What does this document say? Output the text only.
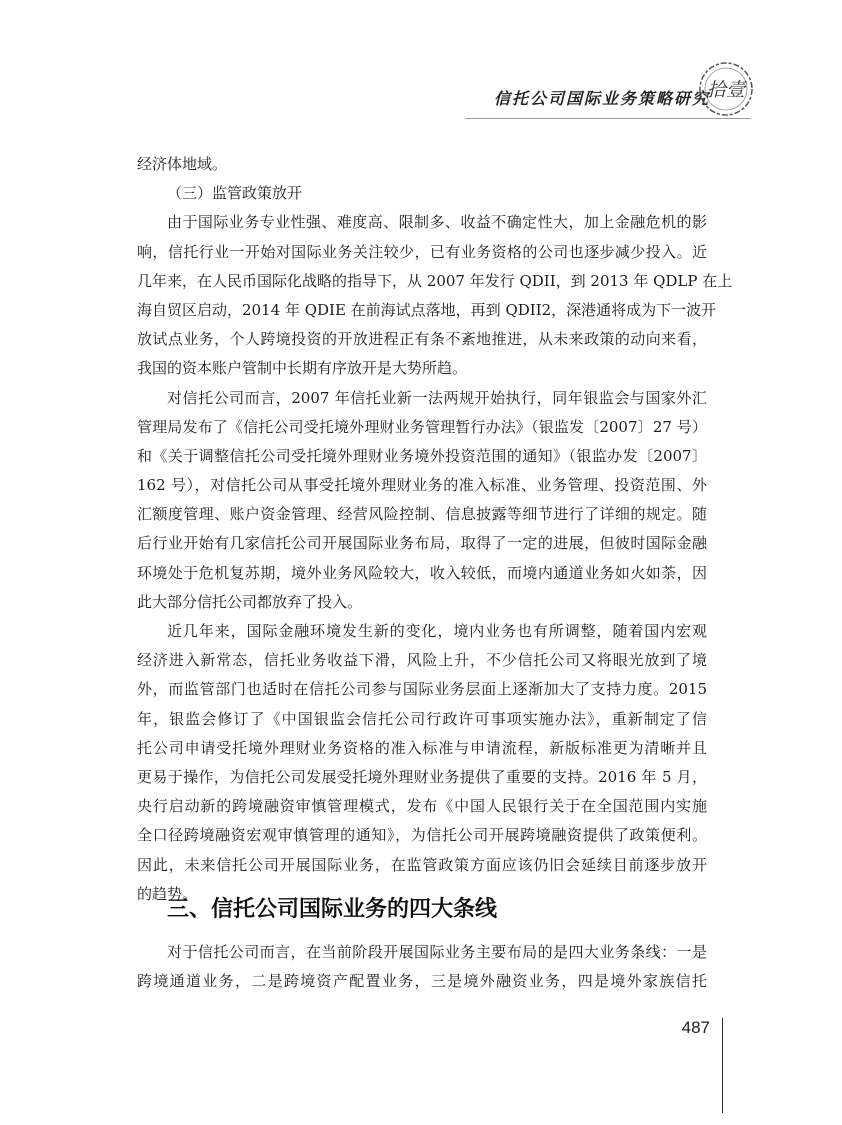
信托公司国际业务策略研究
拾壹
经济体地域。
（三）监管政策放开
由于国际业务专业性强、难度高、限制多、收益不确定性大，加上金融危机的影
响，信托行业一开始对国际业务关注较少，已有业务资格的公司也逐步减少投入。近
几年来，在人民币国际化战略的指导下，从 2007 年发行 QDII，到 2013 年 QDLP 在上
海自贸区启动，2014 年 QDIE 在前海试点落地，再到 QDII2，深港通将成为下一波开
放试点业务，个人跨境投资的开放进程正有条不紊地推进，从未来政策的动向来看，
我国的资本账户管制中长期有序放开是大势所趋。
对信托公司而言，2007 年信托业新一法两规开始执行，同年银监会与国家外汇
管理局发布了《信托公司受托境外理财业务管理暂行办法》（银监发〔2007〕27 号）
和《关于调整信托公司受托境外理财业务境外投资范围的通知》（银监办发〔2007〕
162 号），对信托公司从事受托境外理财业务的准入标准、业务管理、投资范围、外
汇额度管理、账户资金管理、经营风险控制、信息披露等细节进行了详细的规定。随
后行业开始有几家信托公司开展国际业务布局，取得了一定的进展，但彼时国际金融
环境处于危机复苏期，境外业务风险较大，收入较低，而境内通道业务如火如荼，因
此大部分信托公司都放弃了投入。
近几年来，国际金融环境发生新的变化，境内业务也有所调整，随着国内宏观
经济进入新常态，信托业务收益下滑，风险上升，不少信托公司又将眼光放到了境
外，而监管部门也适时在信托公司参与国际业务层面上逐渐加大了支持力度。2015
年，银监会修订了《中国银监会信托公司行政许可事项实施办法》，重新制定了信
托公司申请受托境外理财业务资格的准入标准与申请流程，新版标准更为清晰并且
更易于操作，为信托公司发展受托境外理财业务提供了重要的支持。2016 年 5 月，
央行启动新的跨境融资审慎管理模式，发布《中国人民银行关于在全国范围内实施
全口径跨境融资宏观审慎管理的通知》，为信托公司开展跨境融资提供了政策便利。
因此，未来信托公司开展国际业务，在监管政策方面应该仍旧会延续目前逐步放开
的趋势。
三、信托公司国际业务的四大条线
对于信托公司而言，在当前阶段开展国际业务主要布局的是四大业务条线：一是
跨境通道业务，二是跨境资产配置业务，三是境外融资业务，四是境外家族信托
487
